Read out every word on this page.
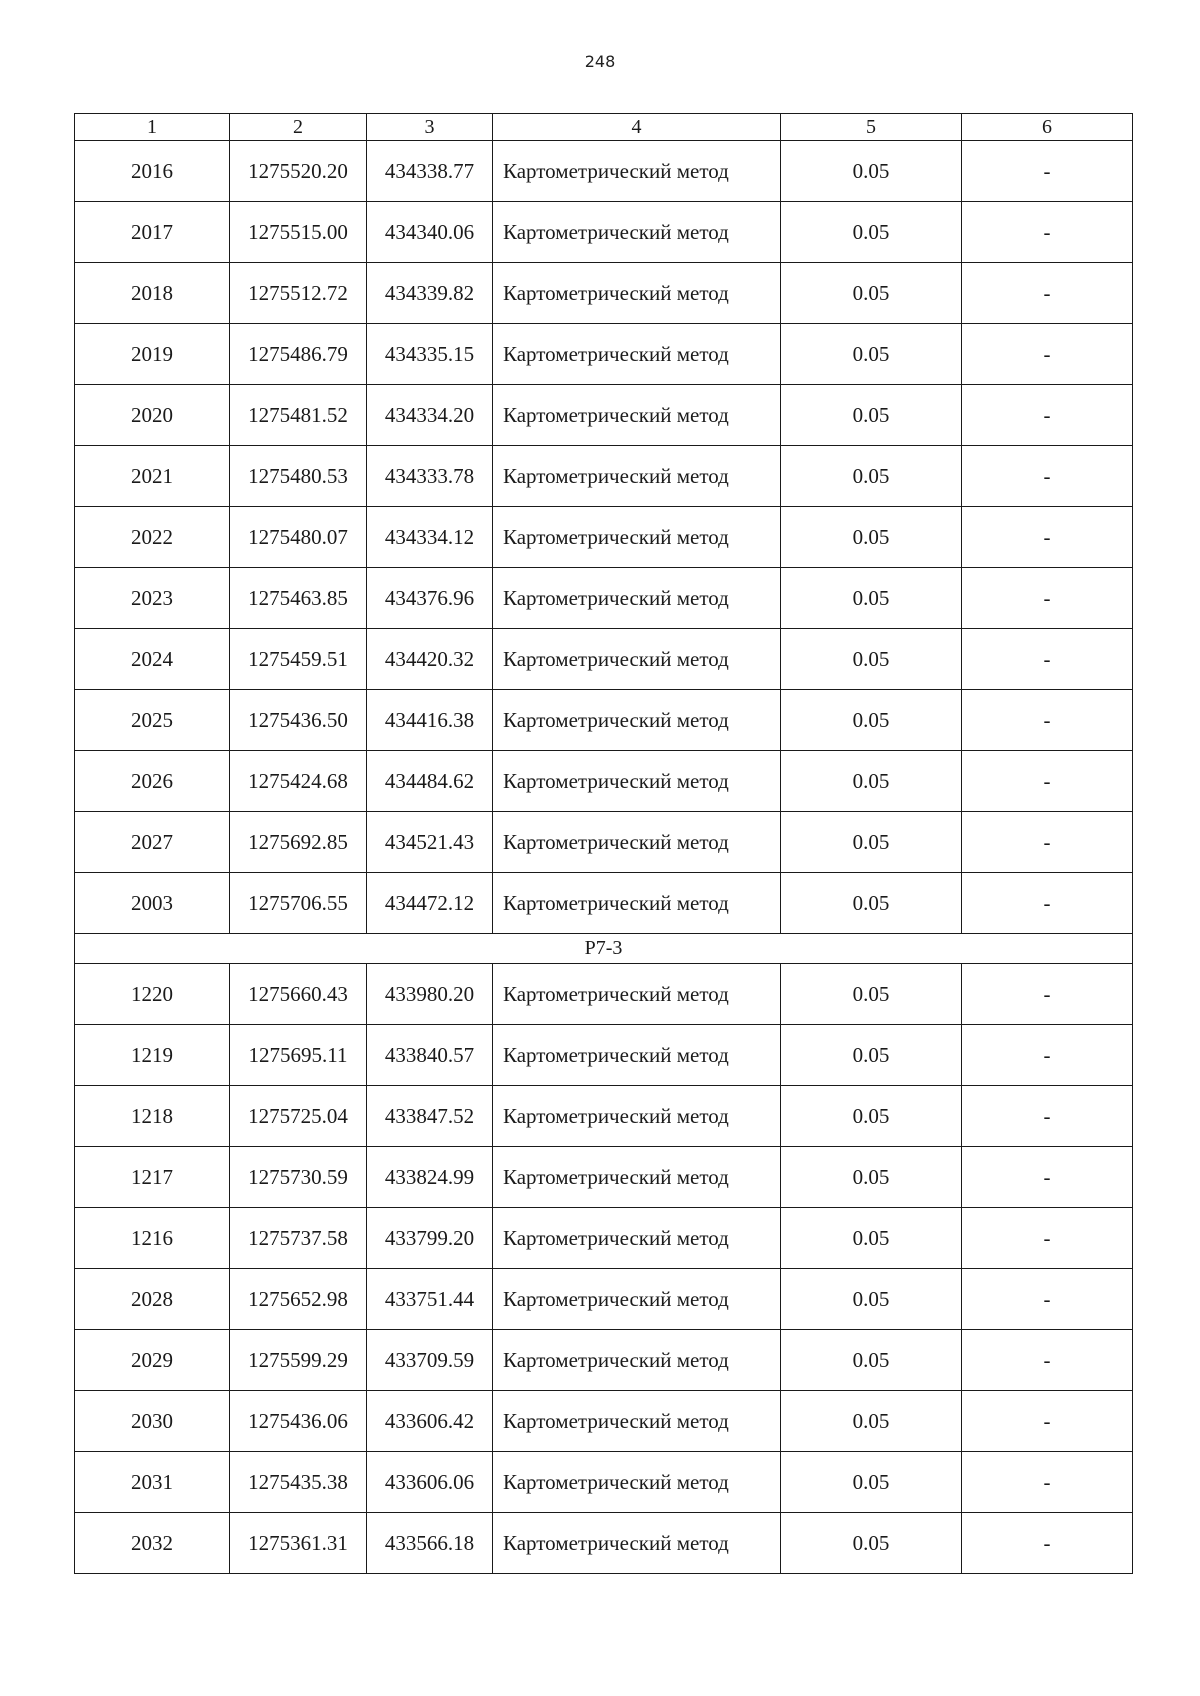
248
1	2	3	4	5	6
2016	1275520.20	434338.77	Картометрический метод	0.05	-
2017	1275515.00	434340.06	Картометрический метод	0.05	-
2018	1275512.72	434339.82	Картометрический метод	0.05	-
2019	1275486.79	434335.15	Картометрический метод	0.05	-
2020	1275481.52	434334.20	Картометрический метод	0.05	-
2021	1275480.53	434333.78	Картометрический метод	0.05	-
2022	1275480.07	434334.12	Картометрический метод	0.05	-
2023	1275463.85	434376.96	Картометрический метод	0.05	-
2024	1275459.51	434420.32	Картометрический метод	0.05	-
2025	1275436.50	434416.38	Картометрический метод	0.05	-
2026	1275424.68	434484.62	Картометрический метод	0.05	-
2027	1275692.85	434521.43	Картометрический метод	0.05	-
2003	1275706.55	434472.12	Картометрический метод	0.05	-
Р7-3					
1220	1275660.43	433980.20	Картометрический метод	0.05	-
1219	1275695.11	433840.57	Картометрический метод	0.05	-
1218	1275725.04	433847.52	Картометрический метод	0.05	-
1217	1275730.59	433824.99	Картометрический метод	0.05	-
1216	1275737.58	433799.20	Картометрический метод	0.05	-
2028	1275652.98	433751.44	Картометрический метод	0.05	-
2029	1275599.29	433709.59	Картометрический метод	0.05	-
2030	1275436.06	433606.42	Картометрический метод	0.05	-
2031	1275435.38	433606.06	Картометрический метод	0.05	-
2032	1275361.31	433566.18	Картометрический метод	0.05	-
